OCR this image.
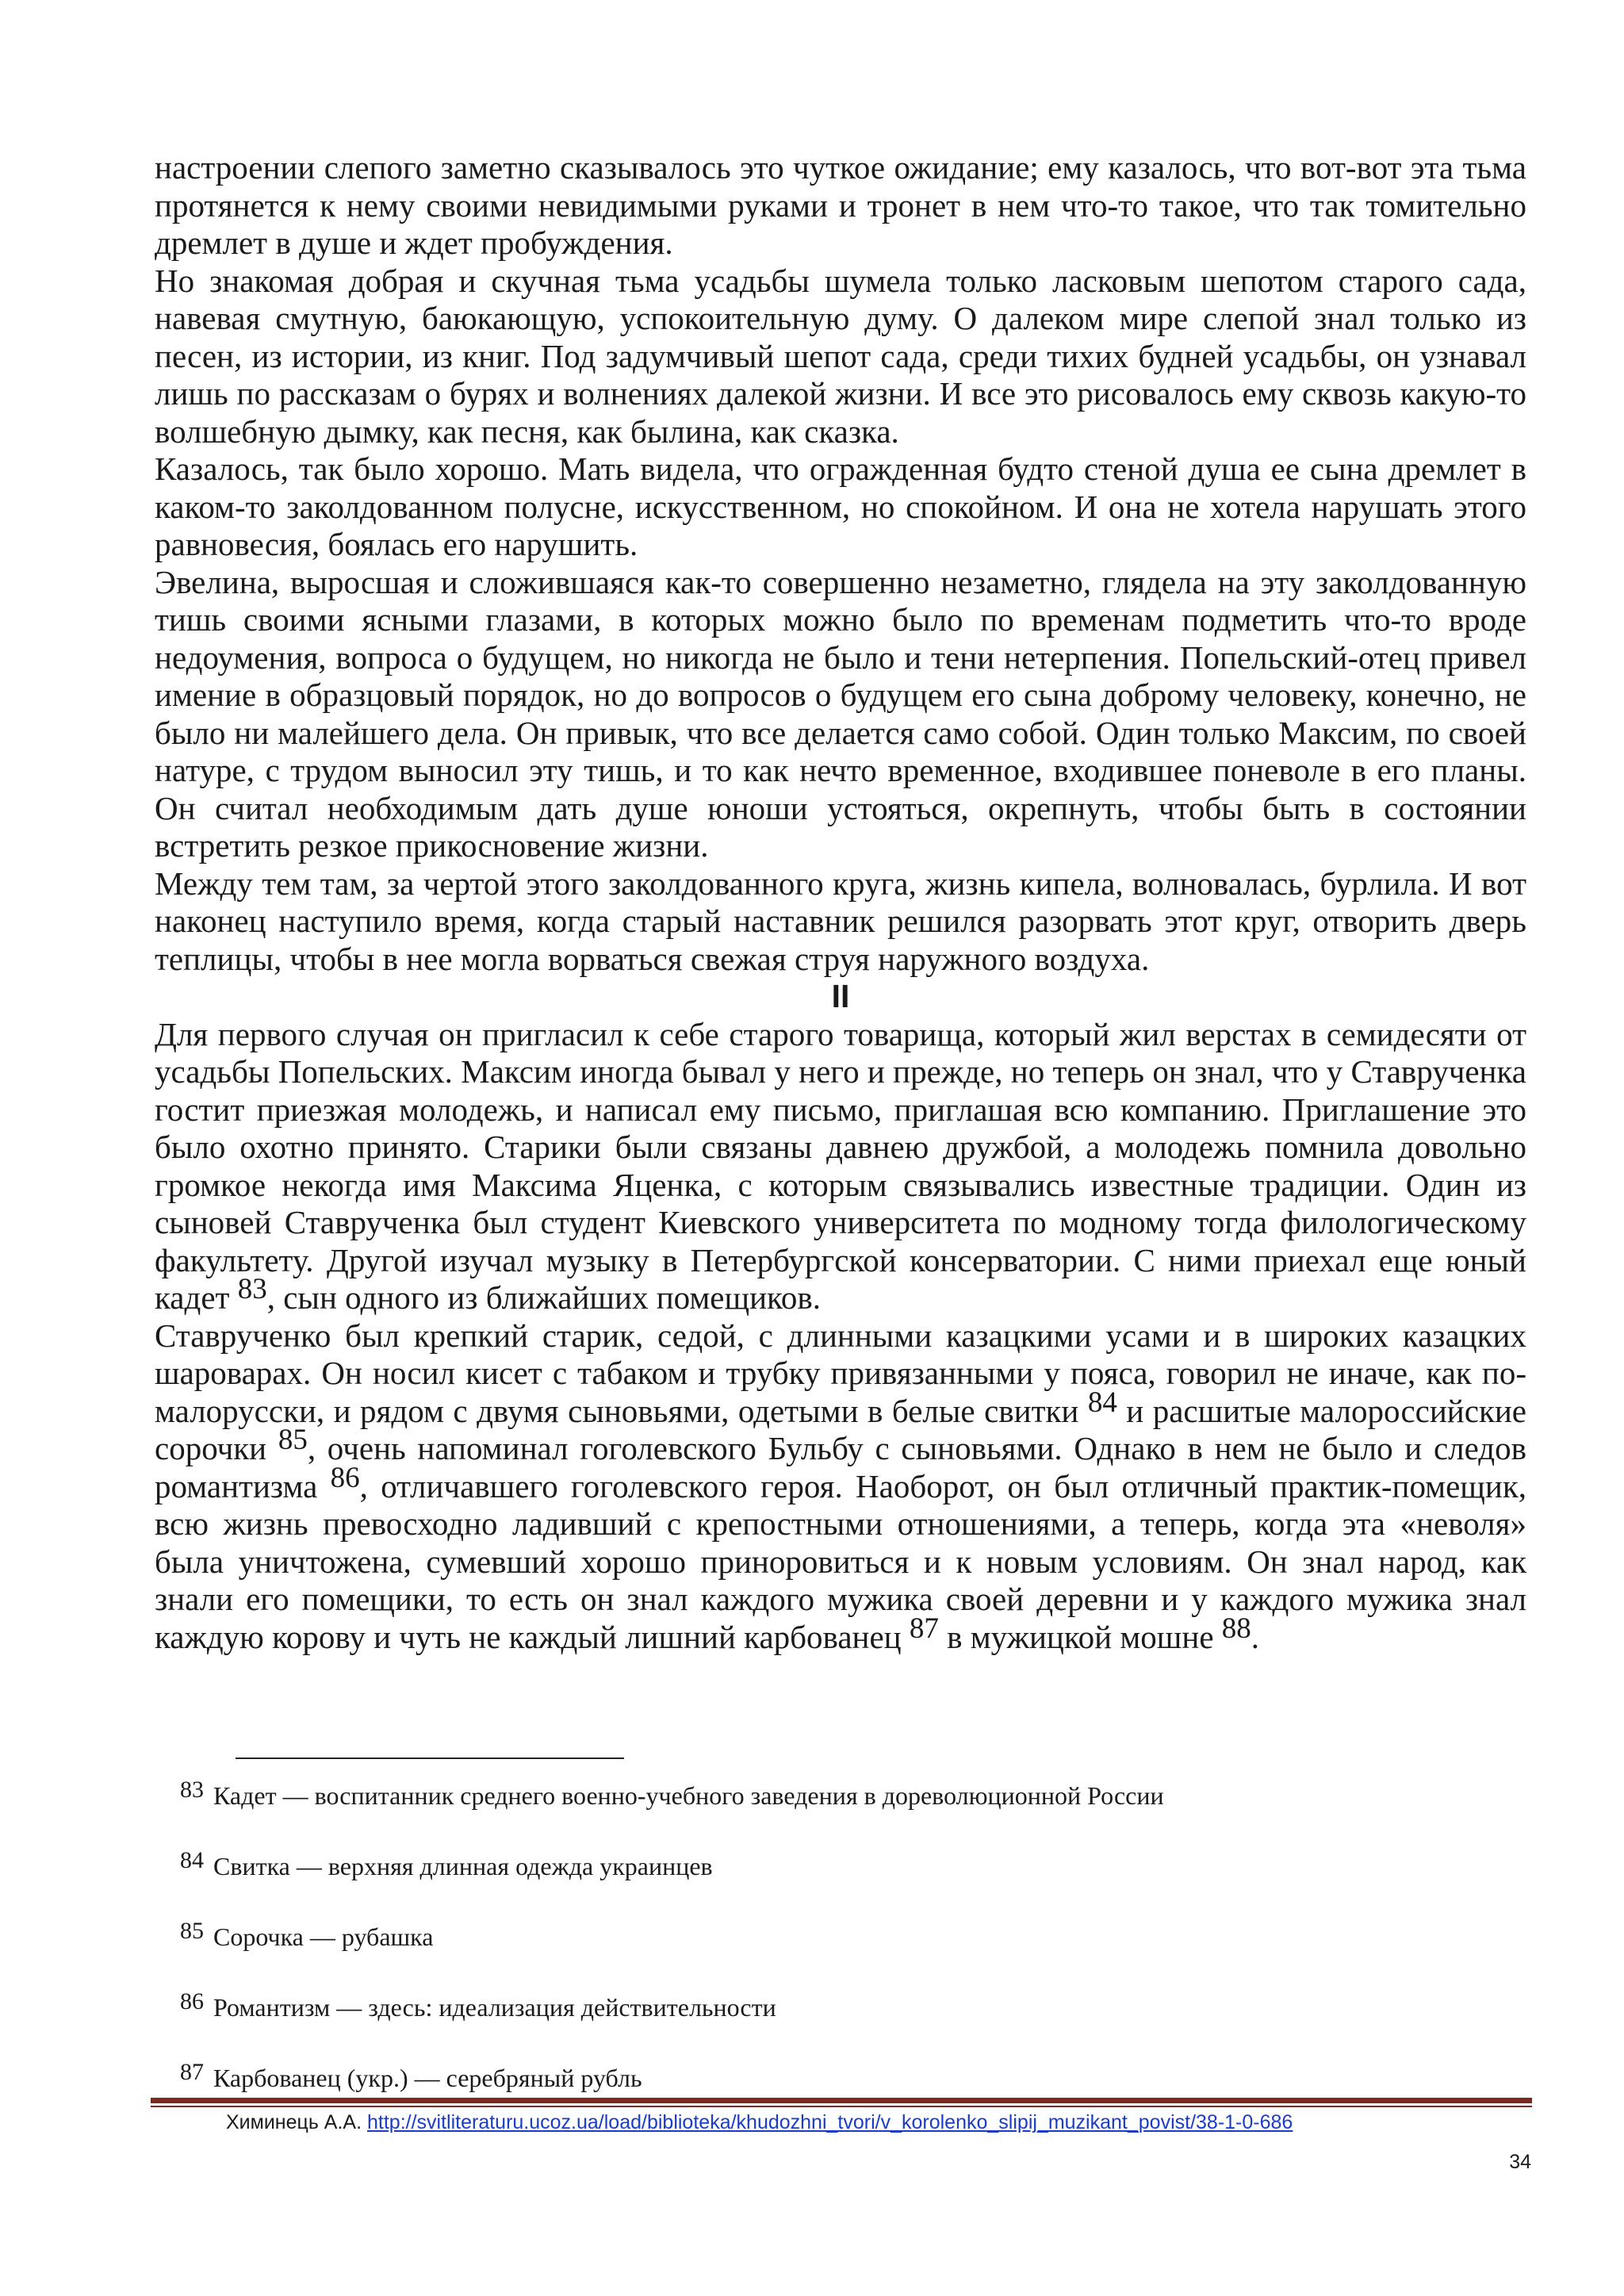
настроении слепого заметно сказывалось это чуткое ожидание; ему казалось, что вот-вот эта тьма протянется к нему своими невидимыми руками и тронет в нем что-то такое, что так томительно дремлет в душе и ждет пробуждения.

Но знакомая добрая и скучная тьма усадьбы шумела только ласковым шепотом старого сада, навевая смутную, баюкающую, успокоительную думу. О далеком мире слепой знал только из песен, из истории, из книг. Под задумчивый шепот сада, среди тихих будней усадьбы, он узнавал лишь по рассказам о бурях и волнениях далекой жизни. И все это рисовалось ему сквозь какую-то волшебную дымку, как песня, как былина, как сказка.

Казалось, так было хорошо. Мать видела, что огражденная будто стеной душа ее сына дремлет в каком-то заколдованном полусне, искусственном, но спокойном. И она не хотела нарушать этого равновесия, боялась его нарушить.

Эвелина, выросшая и сложившаяся как-то совершенно незаметно, глядела на эту заколдованную тишь своими ясными глазами, в которых можно было по временам подметить что-то вроде недоумения, вопроса о будущем, но никогда не было и тени нетерпения. Попельский-отец привел имение в образцовый порядок, но до вопросов о будущем его сына доброму человеку, конечно, не было ни малейшего дела. Он привык, что все делается само собой. Один только Максим, по своей натуре, с трудом выносил эту тишь, и то как нечто временное, входившее поневоле в его планы. Он считал необходимым дать душе юноши устояться, окрепнуть, чтобы быть в состоянии встретить резкое прикосновение жизни.

Между тем там, за чертой этого заколдованного круга, жизнь кипела, волновалась, бурлила. И вот наконец наступило время, когда старый наставник решился разорвать этот круг, отворить дверь теплицы, чтобы в нее могла ворваться свежая струя наружного воздуха.

II

Для первого случая он пригласил к себе старого товарища, который жил верстах в семидесяти от усадьбы Попельских. Максим иногда бывал у него и прежде, но теперь он знал, что у Ставрученка гостит приезжая молодежь, и написал ему письмо, приглашая всю компанию. Приглашение это было охотно принято. Старики были связаны давнею дружбой, а молодежь помнила довольно громкое некогда имя Максима Яценка, с которым связывались известные традиции. Один из сыновей Ставрученка был студент Киевского университета по модному тогда филологическому факультету. Другой изучал музыку в Петербургской консерватории. С ними приехал еще юный кадет $^{83}$, сын одного из ближайших помещиков.

Ставрученко был крепкий старик, седой, с длинными казацкими усами и в широких казацких шароварах. Он носил кисет с табаком и трубку привязанными у пояса, говорил не иначе, как по-малорусски, и рядом с двумя сыновьями, одетыми в белые свитки $^{84}$ и расшитые малороссийские сорочки $^{85}$, очень напоминал гоголевского Бульбу с сыновьями. Однако в нем не было и следов романтизма $^{86}$, отличавшего гоголевского героя. Наоборот, он был отличный практик-помещик, всю жизнь превосходно ладивший с крепостными отношениями, а теперь, когда эта «неволя» была уничтожена, сумевший хорошо приноровиться и к новым условиям. Он знал народ, как знали его помещики, то есть он знал каждого мужика своей деревни и у каждого мужика знал каждую корову и чуть не каждый лишний карбованец $^{87}$ в мужицкой мошне $^{88}$.

83 Кадет — воспитанник среднего военно-учебного заведения в дореволюционной России

84 Свитка — верхняя длинная одежда украинцев

85 Сорочка — рубашка

86 Романтизм — здесь: идеализация действительности

87 Карбованец (укр.) — серебряный рубль

Химинець А.А. http://svitliteraturu.ucoz.ua/load/biblioteka/khudozhni_tvori/v_korolenko_slipij_muzikant_povist/38-1-0-686
34
